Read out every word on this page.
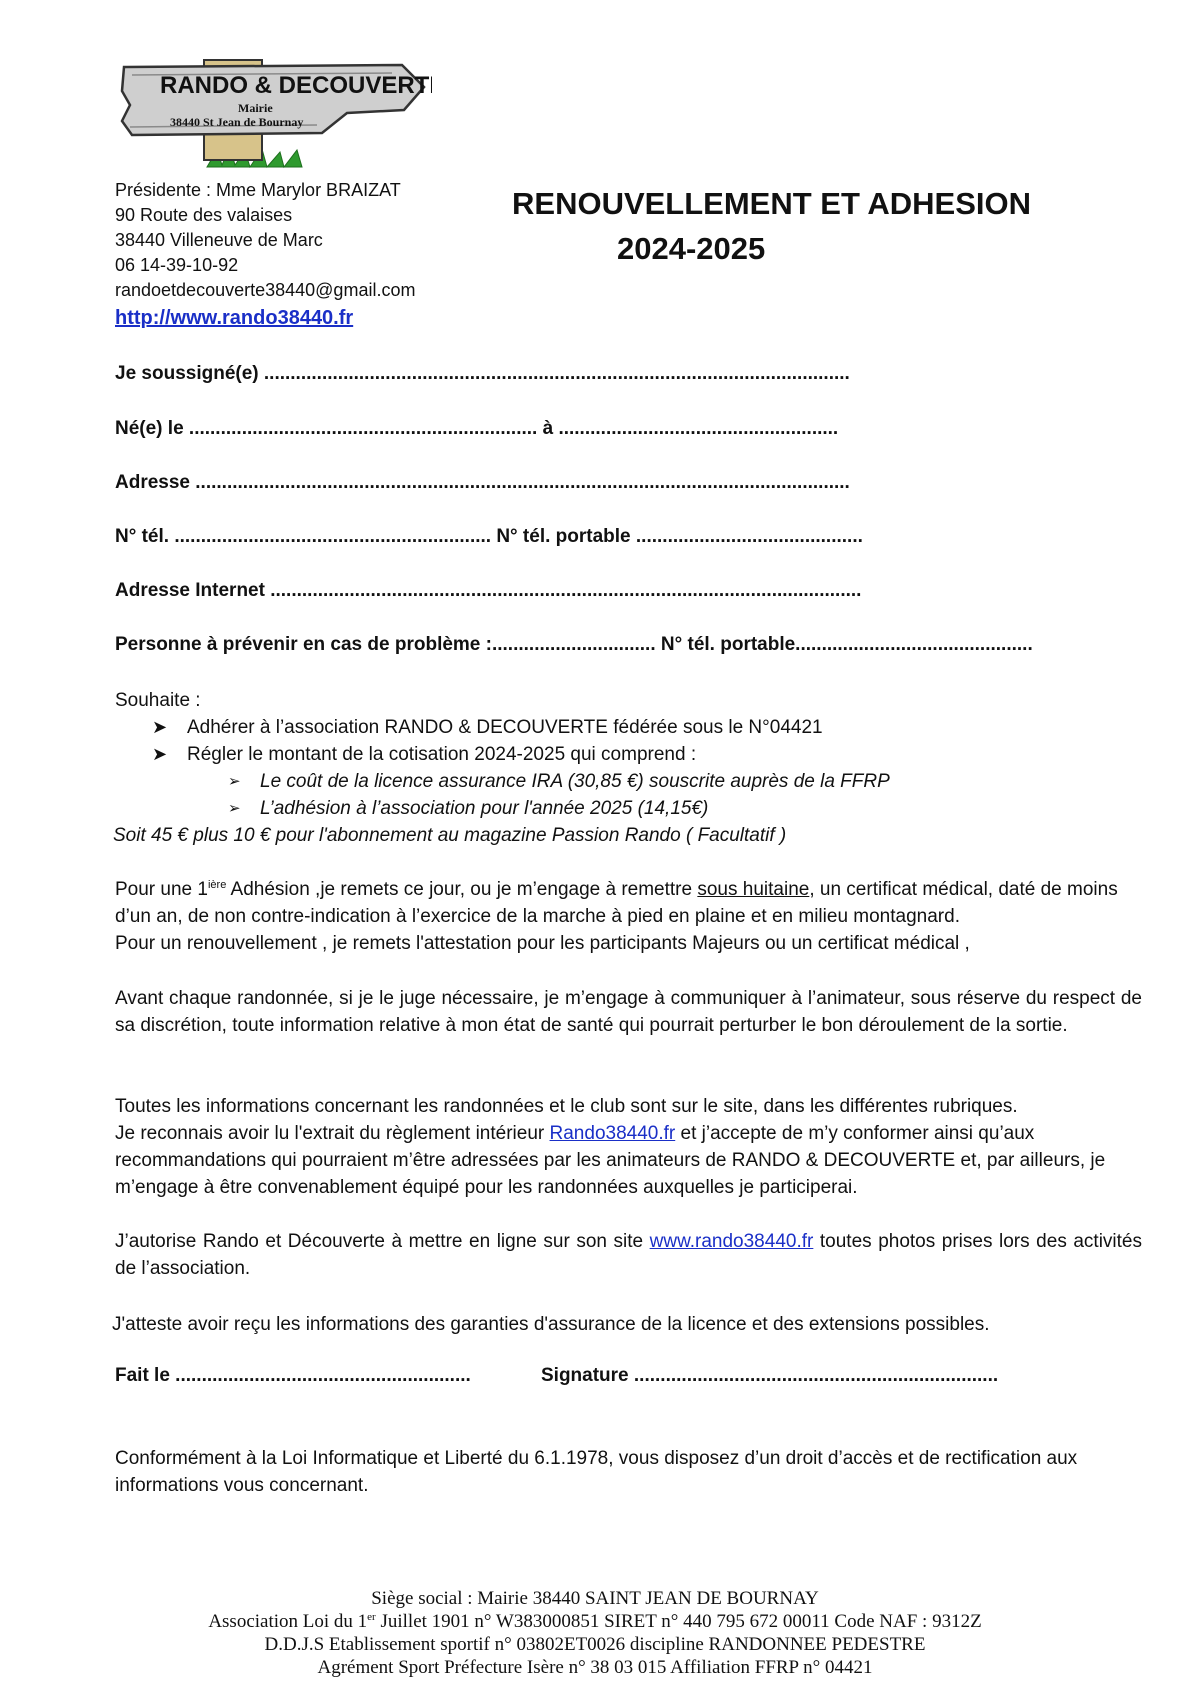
RANDO & DECOUVERTE
Mairie
38440 St Jean de Bournay
Présidente : Mme Marylor BRAIZAT
90 Route des valaises
38440 Villeneuve de Marc
06 14-39-10-92
randoetdecouverte38440@gmail.com
http://www.rando38440.fr
RENOUVELLEMENT ET ADHESION
2024-2025
Je soussigné(e) ...............................................................................................................
Né(e) le .................................................................. à .....................................................
Adresse ............................................................................................................................
N° tél. ............................................................ N° tél. portable ...........................................
Adresse Internet ................................................................................................................
Personne à prévenir en cas de problème :............................... N° tél. portable.............................................
Souhaite :
➤ Adhérer à l’association RANDO & DECOUVERTE fédérée sous le N°04421
➤ Régler le montant de la cotisation 2024-2025 qui comprend :
➢ Le coût de la licence assurance IRA (30,85 €) souscrite auprès de la FFRP
➢ L’adhésion à l’association pour l'année 2025 (14,15€)
Soit 45 € plus 10 € pour l'abonnement au magazine Passion Rando ( Facultatif )
Pour une $1^{ière}$ Adhésion ,je remets ce jour, ou je m’engage à remettre sous huitaine, un certificat médical, daté de moins d’un an, de non contre-indication à l’exercice de la marche à pied en plaine et en milieu montagnard.
Pour un renouvellement , je remets l'attestation pour les participants Majeurs ou un certificat médical ,
Avant chaque randonnée, si je le juge nécessaire, je m’engage à communiquer à l’animateur, sous réserve du respect de sa discrétion, toute information relative à mon état de santé qui pourrait perturber le bon déroulement de la sortie.
Toutes les informations concernant les randonnées et le club sont sur le site, dans les différentes rubriques.
Je reconnais avoir lu l'extrait du règlement intérieur Rando38440.fr et j’accepte de m’y conformer ainsi qu’aux recommandations qui pourraient m’être adressées par les animateurs de RANDO & DECOUVERTE et, par ailleurs, je m’engage à être convenablement équipé pour les randonnées auxquelles je participerai.
J’autorise Rando et Découverte à mettre en ligne sur son site www.rando38440.fr toutes photos prises lors des activités de l’association.
J'atteste avoir reçu les informations des garanties d'assurance de la licence et des extensions possibles.
Fait le ........................................................	Signature .....................................................................
Conformément à la Loi Informatique et Liberté du 6.1.1978, vous disposez d’un droit d’accès et de rectification aux informations vous concernant.
Siège social : Mairie 38440 SAINT JEAN DE BOURNAY
Association Loi du 1er Juillet 1901 n° W383000851 SIRET n° 440 795 672 00011 Code NAF : 9312Z
D.D.J.S Etablissement sportif n° 03802ET0026 discipline RANDONNEE PEDESTRE
Agrément Sport Préfecture Isère n° 38 03 015 Affiliation FFRP n° 04421
